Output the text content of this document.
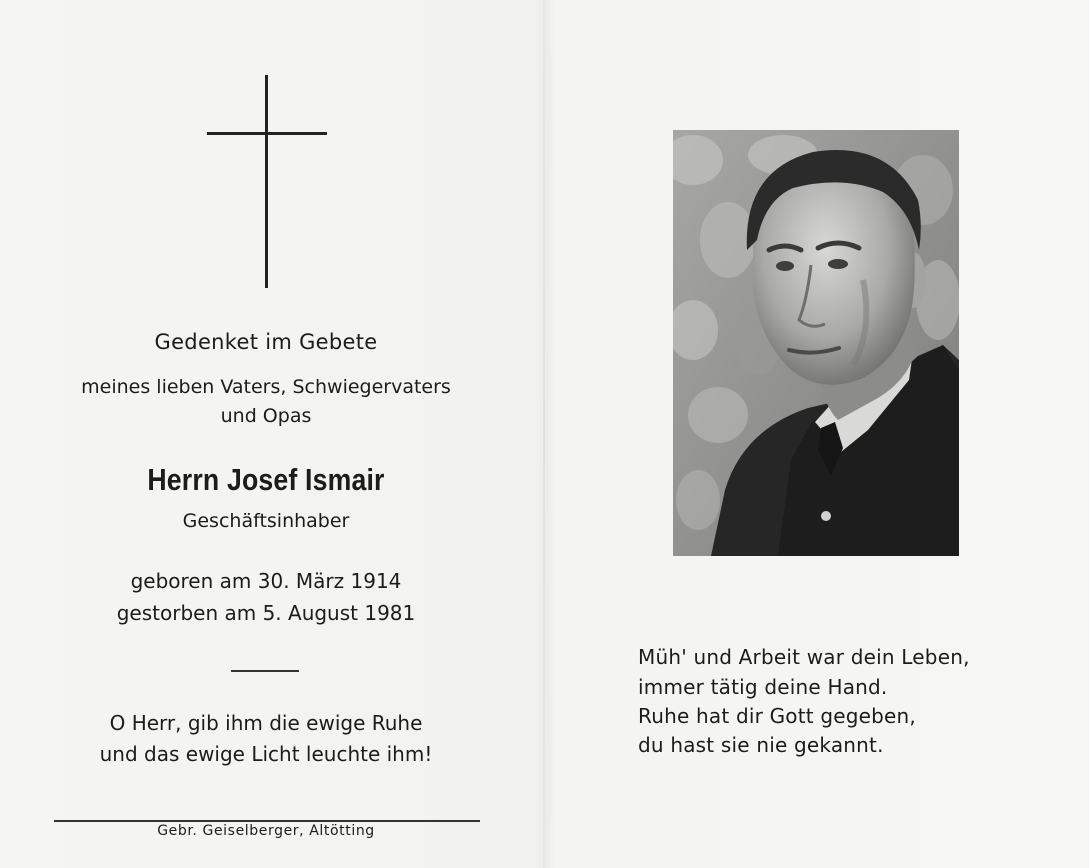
Gedenket im Gebete
meines lieben Vaters, Schwiegervaters
und Opas
Herrn Josef Ismair
Geschäftsinhaber
geboren am 30. März 1914
gestorben am 5. August 1981
O Herr, gib ihm die ewige Ruhe
und das ewige Licht leuchte ihm!
Gebr. Geiselberger, Altötting
Müh' und Arbeit war dein Leben,
immer tätig deine Hand.
Ruhe hat dir Gott gegeben,
du hast sie nie gekannt.
